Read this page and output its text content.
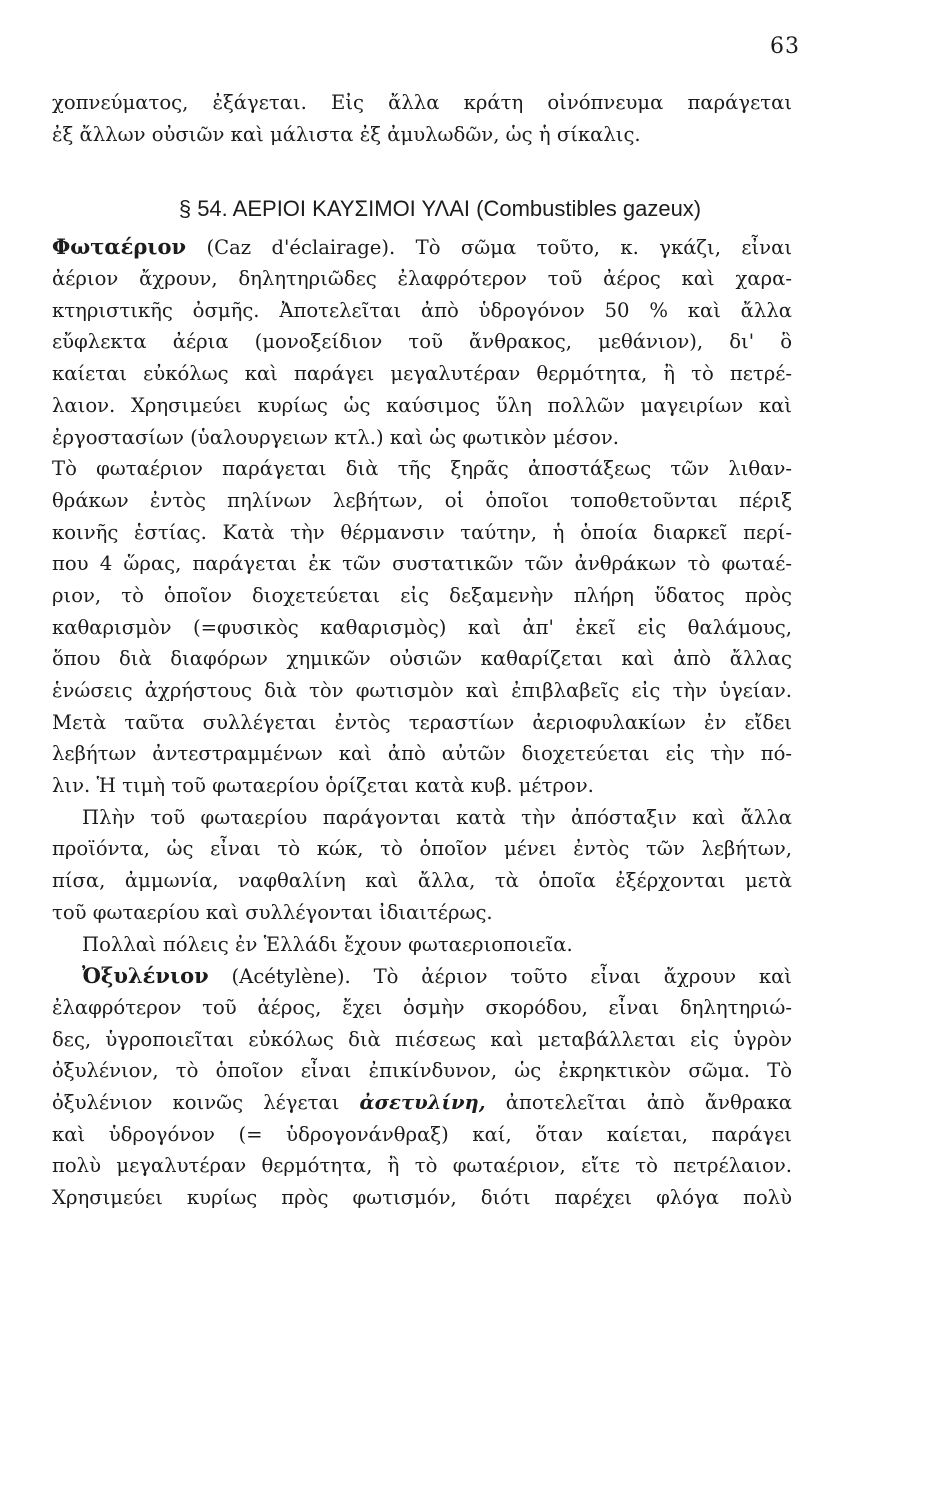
63
χοπνεύματος, ἐξάγεται. Εἰς ἄλλα κράτη οἰνόπνευμα παράγεται
ἐξ ἄλλων οὐσιῶν καὶ μάλιστα ἐξ ἀμυλωδῶν, ὡς ἡ σίκαλις.
§ 54. ΑΕΡΙΟΙ ΚΑΥΣΙΜΟΙ ΥΛΑΙ (Combustibles gazeux)
Φωταέριον (Caz d'éclairage). Τὸ σῶμα τοῦτο, κ. γκάζι, εἶναι
ἀέριον ἄχρουν, δηλητηριῶδες ἐλαφρότερον τοῦ ἀέρος καὶ χαρα-
κτηριστικῆς ὀσμῆς. Ἀποτελεῖται ἀπὸ ὑδρογόνον 50 % καὶ ἄλλα
εὔφλεκτα ἀέρια (μονοξείδιον τοῦ ἄνθρακος, μεθάνιον), δι' ὃ
καίεται εὐκόλως καὶ παράγει μεγαλυτέραν θερμότητα, ἢ τὸ πετρέ-
λαιον. Χρησιμεύει κυρίως ὡς καύσιμος ὕλη πολλῶν μαγειρίων καὶ
ἐργοστασίων (ὑαλουργειων κτλ.) καὶ ὡς φωτικὸν μέσον.
Τὸ φωταέριον παράγεται διὰ τῆς ξηρᾶς ἀποστάξεως τῶν λιθαν-
θράκων ἐντὸς πηλίνων λεβήτων, οἱ ὁποῖοι τοποθετοῦνται πέριξ
κοινῆς ἑστίας. Κατὰ τὴν θέρμανσιν ταύτην, ἡ ὁποία διαρκεῖ περί-
που 4 ὥρας, παράγεται ἐκ τῶν συστατικῶν τῶν ἀνθράκων τὸ φωταέ-
ριον, τὸ ὁποῖον διοχετεύεται εἰς δεξαμενὴν πλήρη ὕδατος πρὸς
καθαρισμὸν (=φυσικὸς καθαρισμὸς) καὶ ἀπ' ἐκεῖ εἰς θαλάμους,
ὅπου διὰ διαφόρων χημικῶν οὐσιῶν καθαρίζεται καὶ ἀπὸ ἄλλας
ἑνώσεις ἀχρήστους διὰ τὸν φωτισμὸν καὶ ἐπιβλαβεῖς εἰς τὴν ὑγείαν.
Μετὰ ταῦτα συλλέγεται ἐντὸς τεραστίων ἀεριοφυλακίων ἐν εἴδει
λεβήτων ἀντεστραμμένων καὶ ἀπὸ αὐτῶν διοχετεύεται εἰς τὴν πό-
λιν. Ἡ τιμὴ τοῦ φωταερίου ὁρίζεται κατὰ κυβ. μέτρον.
Πλὴν τοῦ φωταερίου παράγονται κατὰ τὴν ἀπόσταξιν καὶ ἄλλα
προϊόντα, ὡς εἶναι τὸ κώκ, τὸ ὁποῖον μένει ἐντὸς τῶν λεβήτων,
πίσα, ἀμμωνία, ναφθαλίνη καὶ ἄλλα, τὰ ὁποῖα ἐξέρχονται μετὰ
τοῦ φωταερίου καὶ συλλέγονται ἰδιαιτέρως.
Πολλαὶ πόλεις ἐν Ἑλλάδι ἔχουν φωταεριοποιεῖα.
Ὀξυλένιον (Acétylène). Τὸ ἀέριον τοῦτο εἶναι ἄχρουν καὶ
ἐλαφρότερον τοῦ ἀέρος, ἔχει ὀσμὴν σκορόδου, εἶναι δηλητηριώ-
δες, ὑγροποιεῖται εὐκόλως διὰ πιέσεως καὶ μεταβάλλεται εἰς ὑγρὸν
ὀξυλένιον, τὸ ὁποῖον εἶναι ἐπικίνδυνον, ὡς ἐκρηκτικὸν σῶμα. Τὸ
ὀξυλένιον κοινῶς λέγεται ἀσετυλίνη, ἀποτελεῖται ἀπὸ ἄνθρακα
καὶ ὑδρογόνον (= ὑδρογονάνθραξ) καί, ὅταν καίεται, παράγει
πολὺ μεγαλυτέραν θερμότητα, ἢ τὸ φωταέριον, εἴτε τὸ πετρέλαιον.
Χρησιμεύει κυρίως πρὸς φωτισμόν, διότι παρέχει φλόγα πολὺ
